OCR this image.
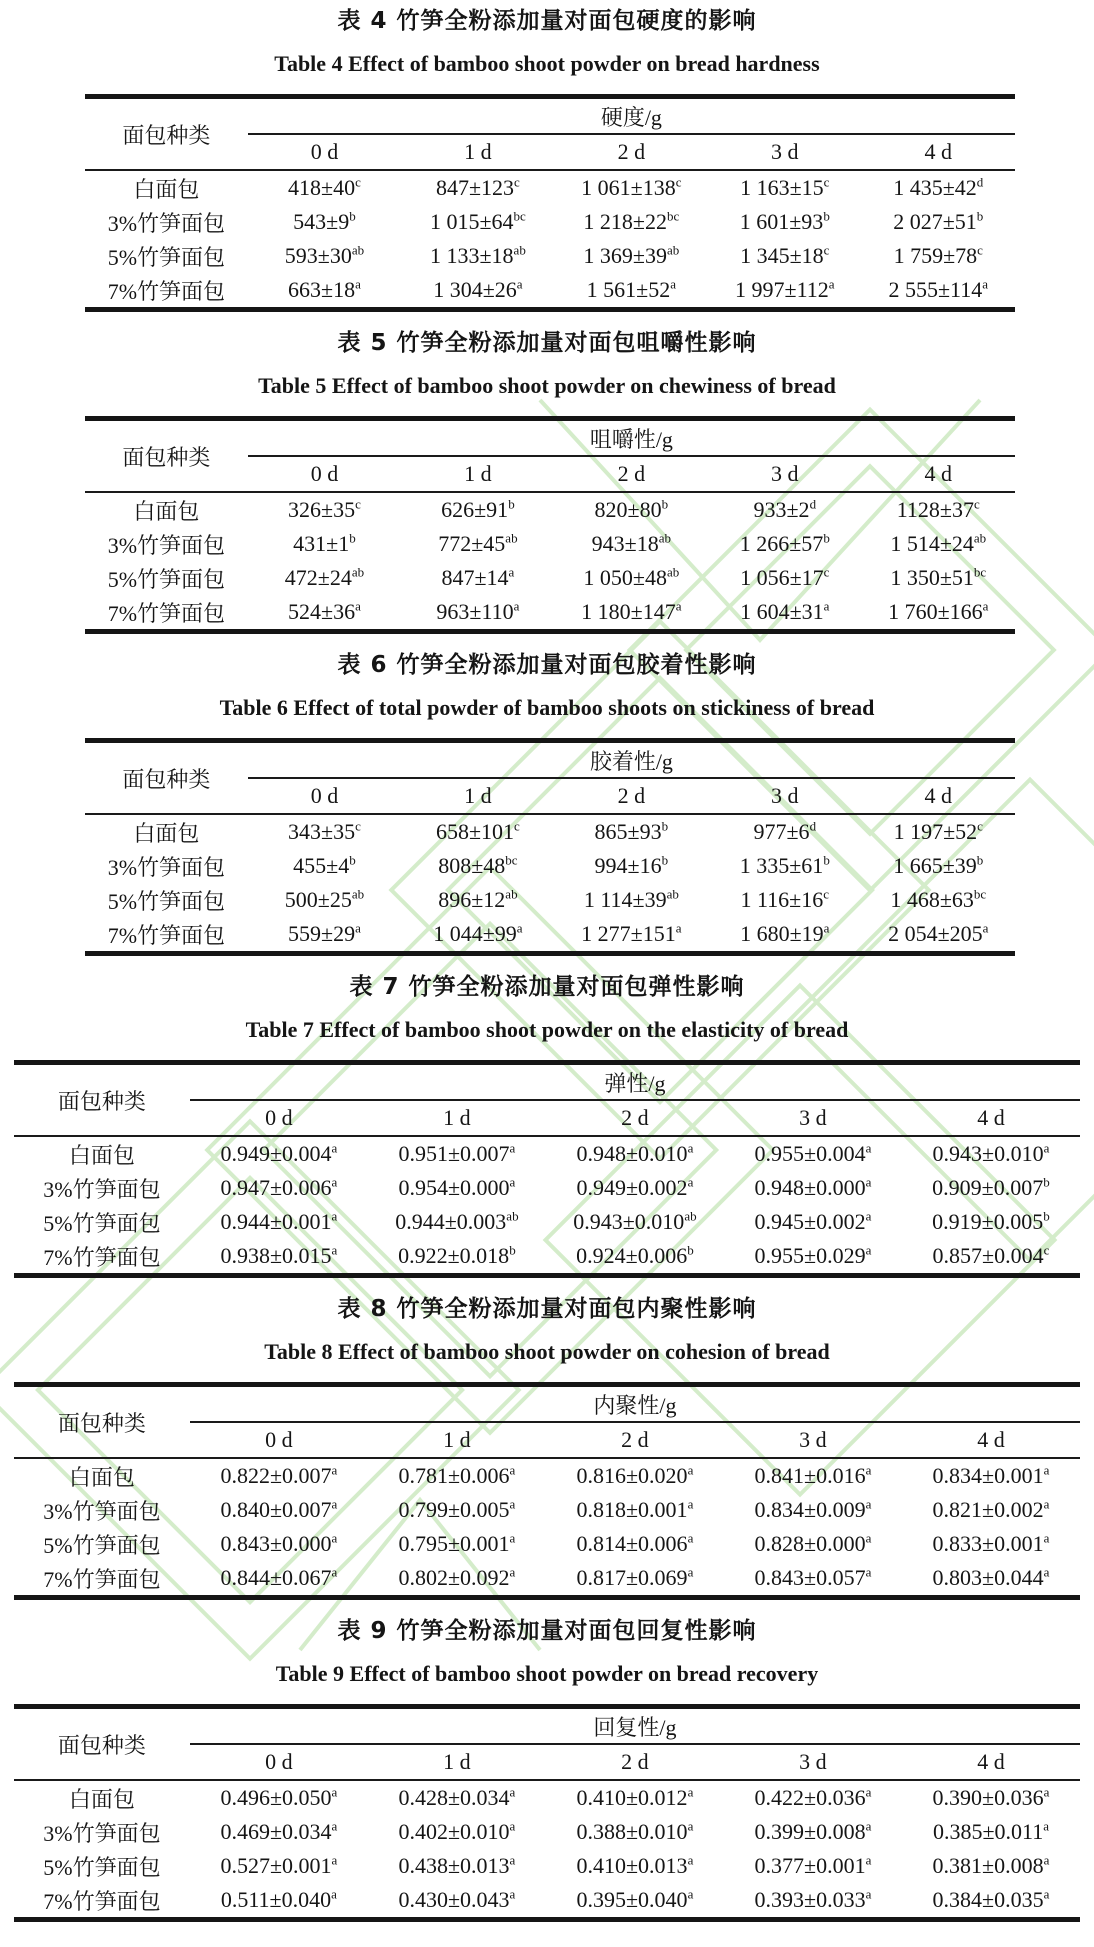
表 4 竹笋全粉添加量对面包硬度的影响

Table 4 Effect of bamboo shoot powder on bread hardness

面包种类	硬度/g				
	0 d	1 d	2 d	3 d	4 d
白面包	$418\pm 40^c$	$847\pm 123^c$	1 $061\pm 138^c$	1 $163\pm 15^c$	1 $435\pm 42^d$
3%竹笋面包	$543\pm 9^b$	1 $015\pm 64^{bc}$	1 $218\pm 22^{bc}$	1 $601\pm 93^b$	2 $027\pm 51^b$
5%竹笋面包	$593\pm 30^{ab}$	1 $133\pm 18^{ab}$	1 $369\pm 39^{ab}$	1 $345\pm 18^c$	1 $759\pm 78^c$
7%竹笋面包	$663\pm 18^a$	1 $304\pm 26^a$	1 $561\pm 52^a$	1 $997\pm 112^a$	2 $555\pm 114^a$

表 5 竹笋全粉添加量对面包咀嚼性影响

Table 5 Effect of bamboo shoot powder on chewiness of bread

面包种类	咀嚼性/g				
	0 d	1 d	2 d	3 d	4 d
白面包	$326\pm 35^c$	$626\pm 91^b$	$820\pm 80^b$	$933\pm 2^d$	$1128\pm 37^c$
3%竹笋面包	$431\pm 1^b$	$772\pm 45^{ab}$	$943\pm 18^{ab}$	1 $266\pm 57^b$	1 $514\pm 24^{ab}$
5%竹笋面包	$472\pm 24^{ab}$	$847\pm 14^a$	1 $050\pm 48^{ab}$	1 $056\pm 17^c$	1 $350\pm 51^{bc}$
7%竹笋面包	$524\pm 36^a$	$963\pm 110^a$	1 $180\pm 147^a$	1 $604\pm 31^a$	1 $760\pm 166^a$

表 6 竹笋全粉添加量对面包胶着性影响

Table 6 Effect of total powder of bamboo shoots on stickiness of bread

面包种类	胶着性/g				
	0 d	1 d	2 d	3 d	4 d
白面包	$343\pm 35^c$	$658\pm 101^c$	$865\pm 93^b$	$977\pm 6^d$	1 $197\pm 52^c$
3%竹笋面包	$455\pm 4^b$	$808\pm 48^{bc}$	$994\pm 16^b$	1 $335\pm 61^b$	1 $665\pm 39^b$
5%竹笋面包	$500\pm 25^{ab}$	$896\pm 12^{ab}$	1 $114\pm 39^{ab}$	1 $116\pm 16^c$	1 $468\pm 63^{bc}$
7%竹笋面包	$559\pm 29^a$	1 $044\pm 99^a$	1 $277\pm 151^a$	1 $680\pm 19^a$	2 $054\pm 205^a$

表 7 竹笋全粉添加量对面包弹性影响

Table 7 Effect of bamboo shoot powder on the elasticity of bread

面包种类	弹性/g				
	0 d	1 d	2 d	3 d	4 d
白面包	0.949±0.004$^a$	0.951±0.007$^a$	0.948±0.010$^a$	0.955±0.004$^a$	0.943±0.010$^a$
3%竹笋面包	0.947±0.006$^a$	0.954±0.000$^a$	0.949±0.002$^a$	0.948±0.000$^a$	0.909±0.007$^b$
5%竹笋面包	0.944±0.001$^a$	0.944±0.003$^{ab}$	0.943±0.010$^{ab}$	0.945±0.002$^a$	0.919±0.005$^b$
7%竹笋面包	0.938±0.015$^a$	0.922±0.018$^b$	0.924±0.006$^b$	0.955±0.029$^a$	0.857±0.004$^c$

表 8 竹笋全粉添加量对面包内聚性影响

Table 8 Effect of bamboo shoot powder on cohesion of bread

面包种类	内聚性/g				
	0 d	1 d	2 d	3 d	4 d
白面包	0.822±0.007$^a$	0.781±0.006$^a$	0.816±0.020$^a$	0.841±0.016$^a$	0.834±0.001$^a$
3%竹笋面包	0.840±0.007$^a$	0.799±0.005$^a$	0.818±0.001$^a$	0.834±0.009$^a$	0.821±0.002$^a$
5%竹笋面包	0.843±0.000$^a$	0.795±0.001$^a$	0.814±0.006$^a$	0.828±0.000$^a$	0.833±0.001$^a$
7%竹笋面包	0.844±0.067$^a$	0.802±0.092$^a$	0.817±0.069$^a$	0.843±0.057$^a$	0.803±0.044$^a$

表 9 竹笋全粉添加量对面包回复性影响

Table 9 Effect of bamboo shoot powder on bread recovery

面包种类	回复性/g				
	0 d	1 d	2 d	3 d	4 d
白面包	0.496±0.050$^a$	0.428±0.034$^a$	0.410±0.012$^a$	0.422±0.036$^a$	0.390±0.036$^a$
3%竹笋面包	0.469±0.034$^a$	0.402±0.010$^a$	0.388±0.010$^a$	0.399±0.008$^a$	0.385±0.011$^a$
5%竹笋面包	0.527±0.001$^a$	0.438±0.013$^a$	0.410±0.013$^a$	0.377±0.001$^a$	0.381±0.008$^a$
7%竹笋面包	0.511±0.040$^a$	0.430±0.043$^a$	0.395±0.040$^a$	0.393±0.033$^a$	0.384±0.035$^a$
